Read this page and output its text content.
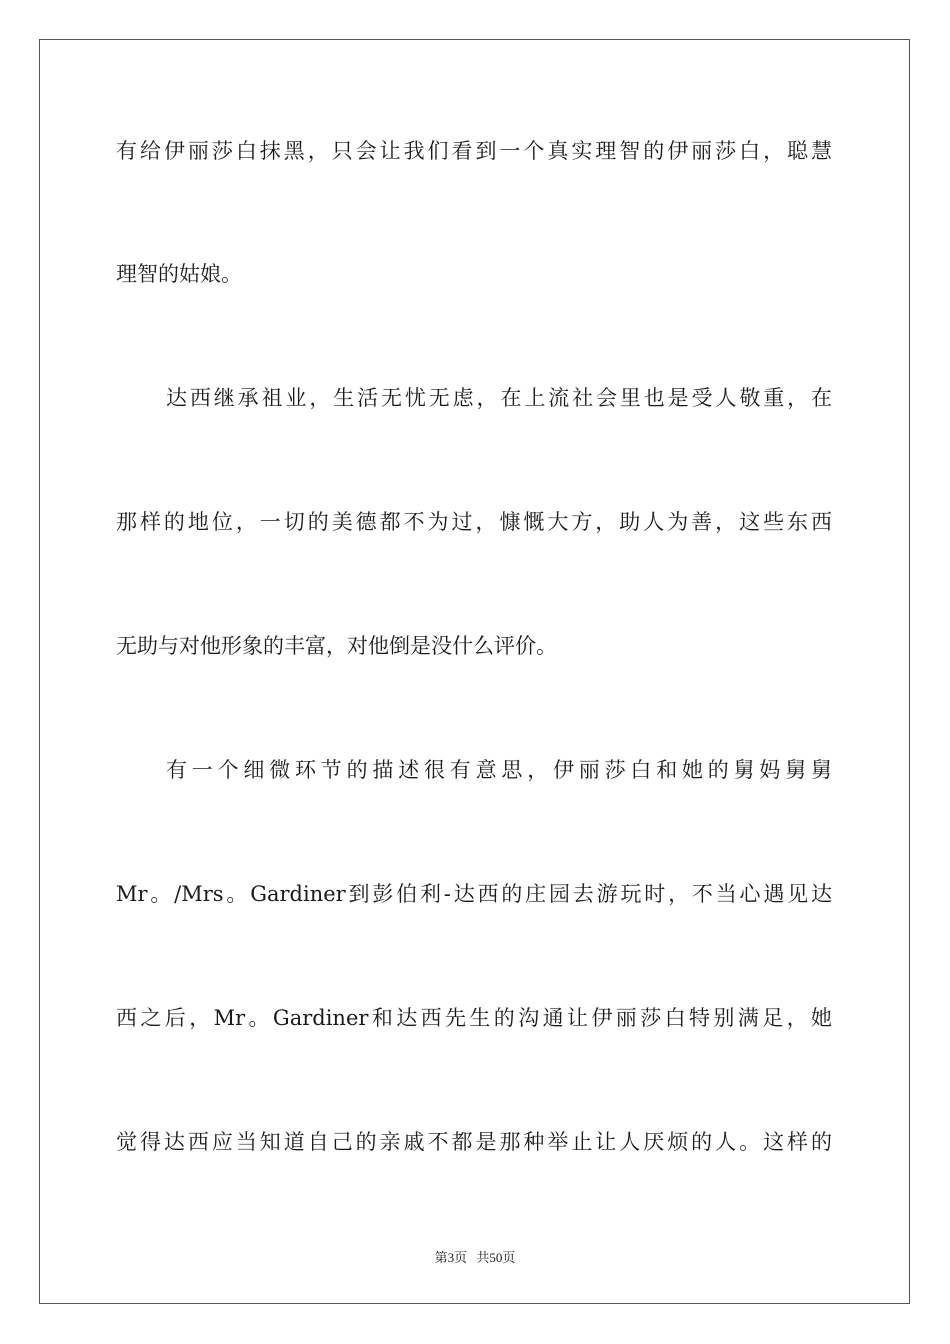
有给伊丽莎白抹黑，只会让我们看到一个真实理智的伊丽莎白，聪慧
理智的姑娘。
达西继承祖业，生活无忧无虑，在上流社会里也是受人敬重，在
那样的地位，一切的美德都不为过，慷慨大方，助人为善，这些东西
无助与对他形象的丰富，对他倒是没什么评价。
有一个细微环节的描述很有意思，伊丽莎白和她的舅妈舅舅
Mr。/Mrs。Gardiner到彭伯利-达西的庄园去游玩时，不当心遇见达
西之后，Mr。Gardiner和达西先生的沟通让伊丽莎白特别满足，她
觉得达西应当知道自己的亲戚不都是那种举止让人厌烦的人。这样的
第3页 共50页
